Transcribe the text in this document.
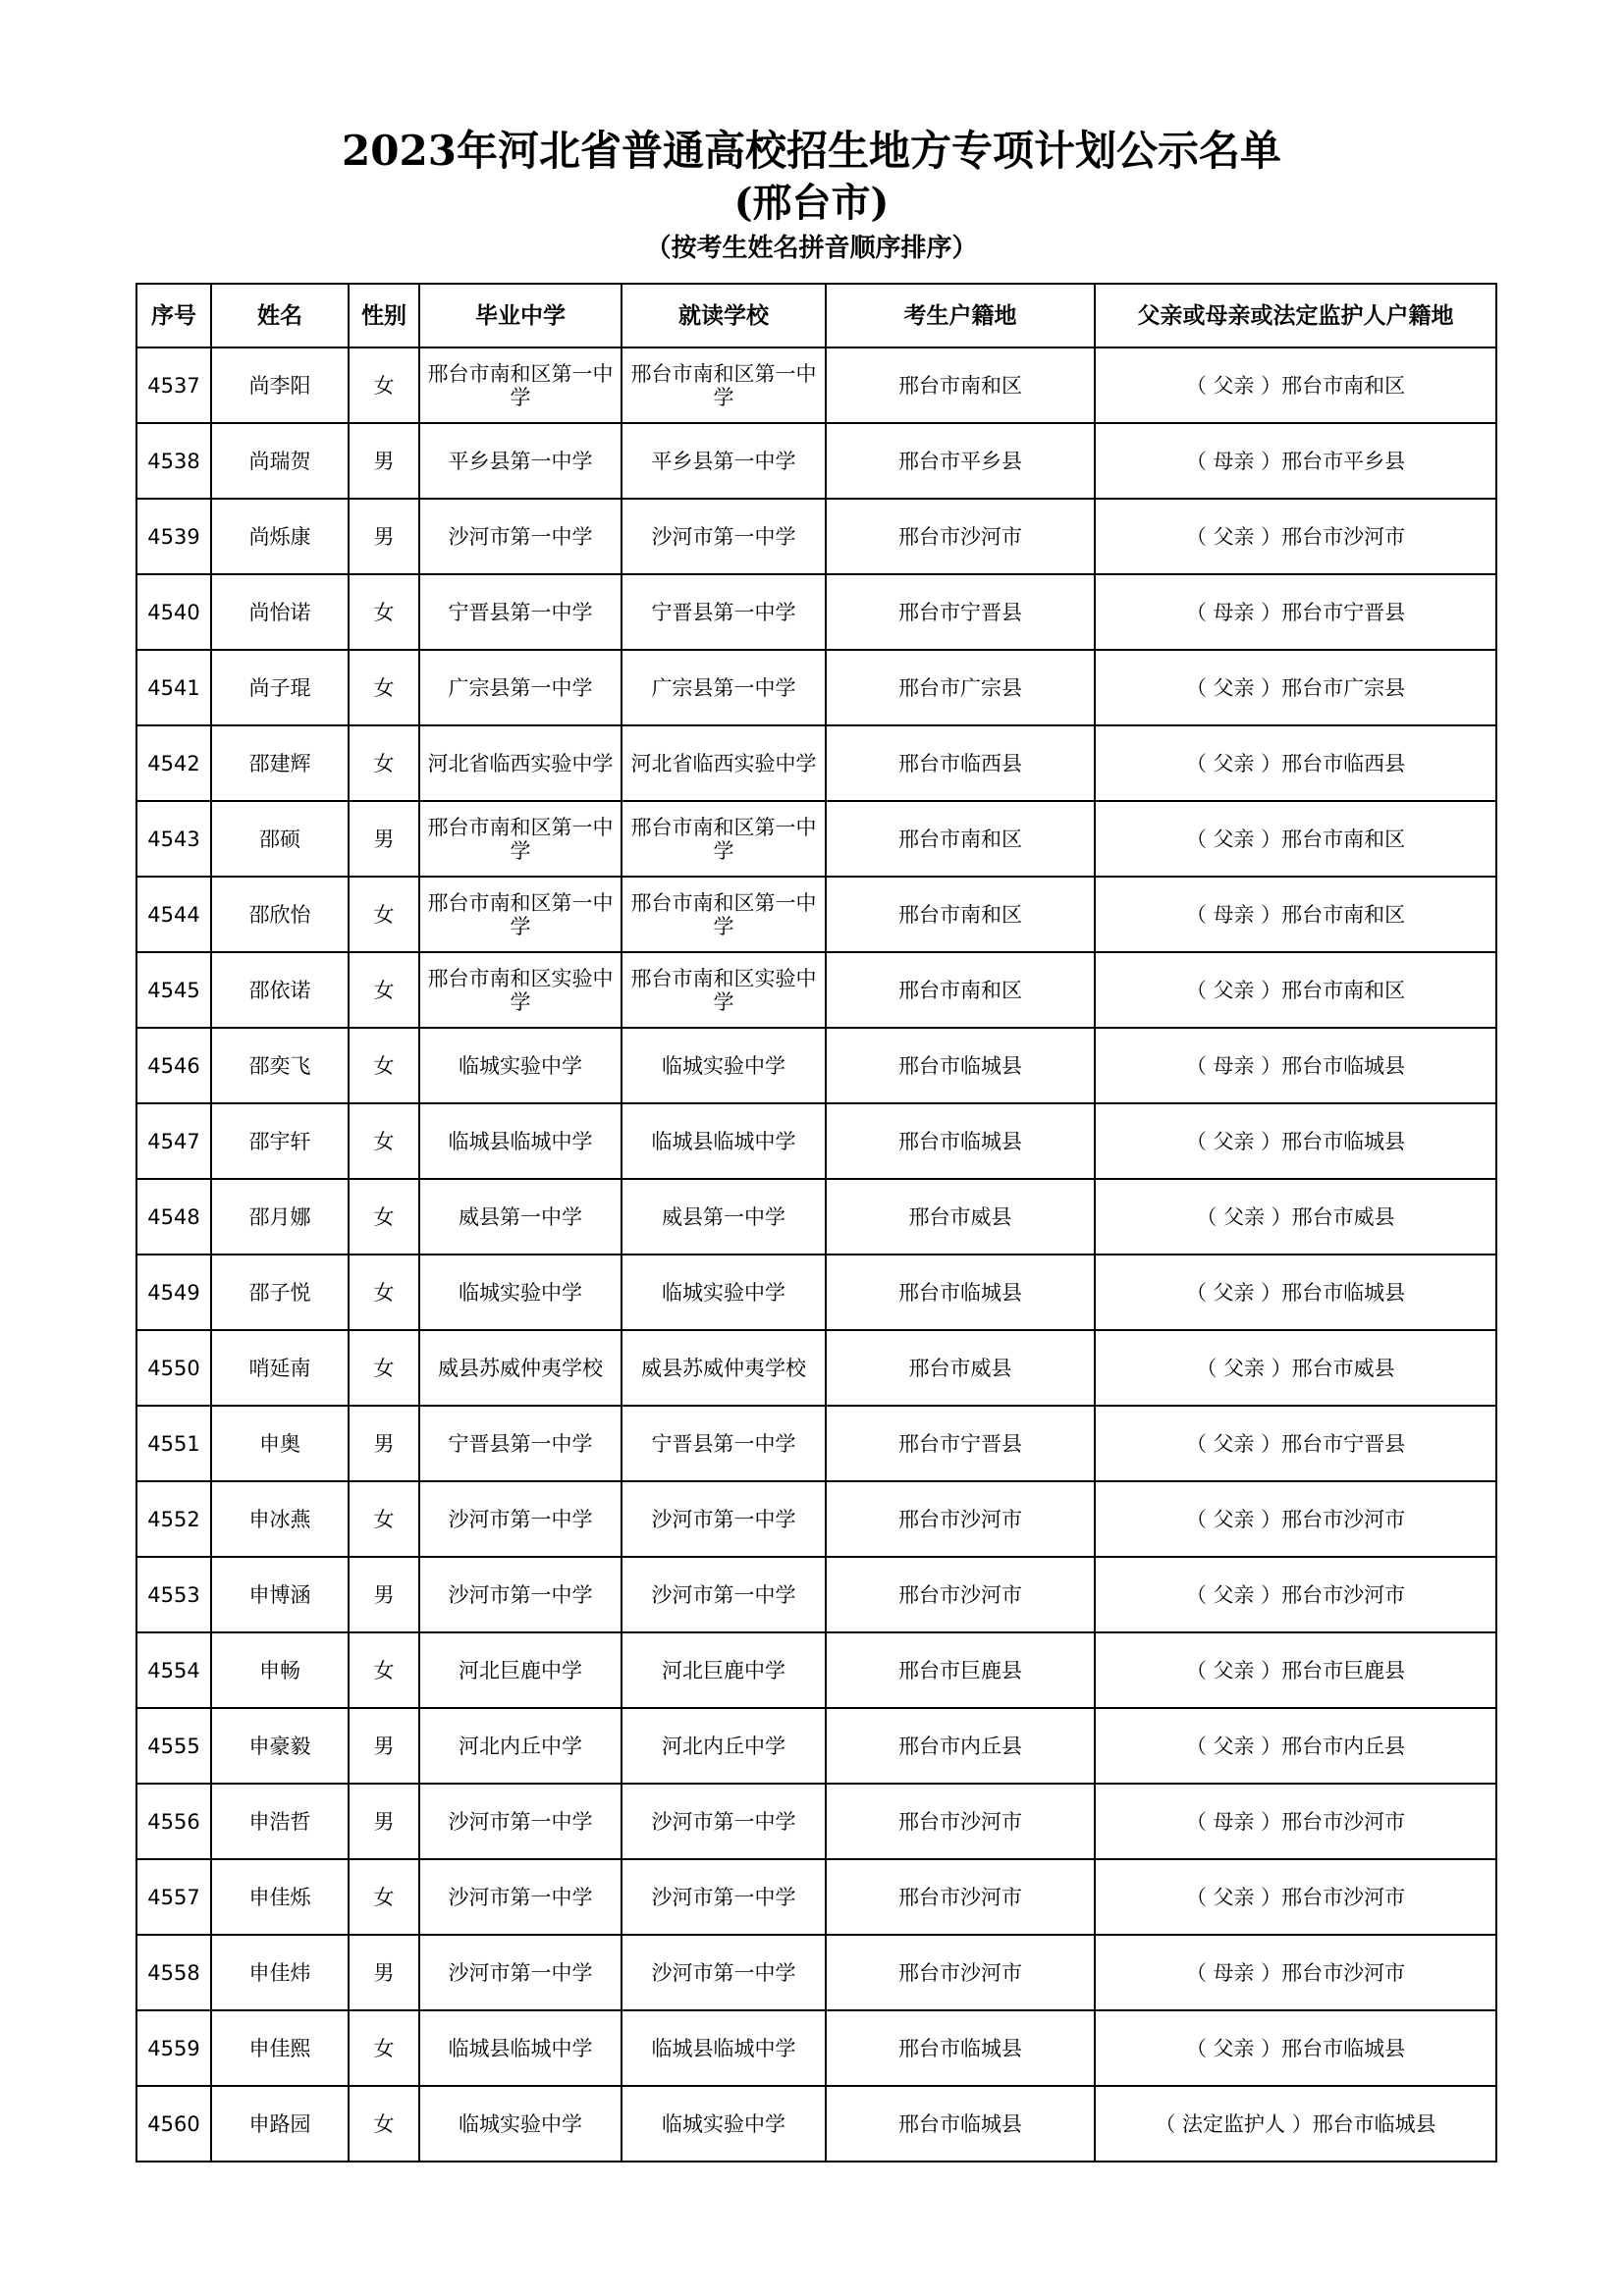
2023年河北省普通高校招生地方专项计划公示名单
(邢台市)
（按考生姓名拼音顺序排序）
序号	姓名	性别	毕业中学	就读学校	考生户籍地	父亲或母亲或法定监护人户籍地
4537	尚李阳	女	邢台市南和区第一中学	邢台市南和区第一中学	邢台市南和区	（ 父亲 ）邢台市南和区
4538	尚瑞贺	男	平乡县第一中学	平乡县第一中学	邢台市平乡县	（ 母亲 ）邢台市平乡县
4539	尚烁康	男	沙河市第一中学	沙河市第一中学	邢台市沙河市	（ 父亲 ）邢台市沙河市
4540	尚怡诺	女	宁晋县第一中学	宁晋县第一中学	邢台市宁晋县	（ 母亲 ）邢台市宁晋县
4541	尚子琨	女	广宗县第一中学	广宗县第一中学	邢台市广宗县	（ 父亲 ）邢台市广宗县
4542	邵建辉	女	河北省临西实验中学	河北省临西实验中学	邢台市临西县	（ 父亲 ）邢台市临西县
4543	邵硕	男	邢台市南和区第一中学	邢台市南和区第一中学	邢台市南和区	（ 父亲 ）邢台市南和区
4544	邵欣怡	女	邢台市南和区第一中学	邢台市南和区第一中学	邢台市南和区	（ 母亲 ）邢台市南和区
4545	邵依诺	女	邢台市南和区实验中学	邢台市南和区实验中学	邢台市南和区	（ 父亲 ）邢台市南和区
4546	邵奕飞	女	临城实验中学	临城实验中学	邢台市临城县	（ 母亲 ）邢台市临城县
4547	邵宇轩	女	临城县临城中学	临城县临城中学	邢台市临城县	（ 父亲 ）邢台市临城县
4548	邵月娜	女	威县第一中学	威县第一中学	邢台市威县	（ 父亲 ）邢台市威县
4549	邵子悦	女	临城实验中学	临城实验中学	邢台市临城县	（ 父亲 ）邢台市临城县
4550	哨延南	女	威县苏威仲夷学校	威县苏威仲夷学校	邢台市威县	（ 父亲 ）邢台市威县
4551	申奥	男	宁晋县第一中学	宁晋县第一中学	邢台市宁晋县	（ 父亲 ）邢台市宁晋县
4552	申冰燕	女	沙河市第一中学	沙河市第一中学	邢台市沙河市	（ 父亲 ）邢台市沙河市
4553	申博涵	男	沙河市第一中学	沙河市第一中学	邢台市沙河市	（ 父亲 ）邢台市沙河市
4554	申畅	女	河北巨鹿中学	河北巨鹿中学	邢台市巨鹿县	（ 父亲 ）邢台市巨鹿县
4555	申豪毅	男	河北内丘中学	河北内丘中学	邢台市内丘县	（ 父亲 ）邢台市内丘县
4556	申浩哲	男	沙河市第一中学	沙河市第一中学	邢台市沙河市	（ 母亲 ）邢台市沙河市
4557	申佳烁	女	沙河市第一中学	沙河市第一中学	邢台市沙河市	（ 父亲 ）邢台市沙河市
4558	申佳炜	男	沙河市第一中学	沙河市第一中学	邢台市沙河市	（ 母亲 ）邢台市沙河市
4559	申佳熙	女	临城县临城中学	临城县临城中学	邢台市临城县	（ 父亲 ）邢台市临城县
4560	申路园	女	临城实验中学	临城实验中学	邢台市临城县	（ 法定监护人 ）邢台市临城县
